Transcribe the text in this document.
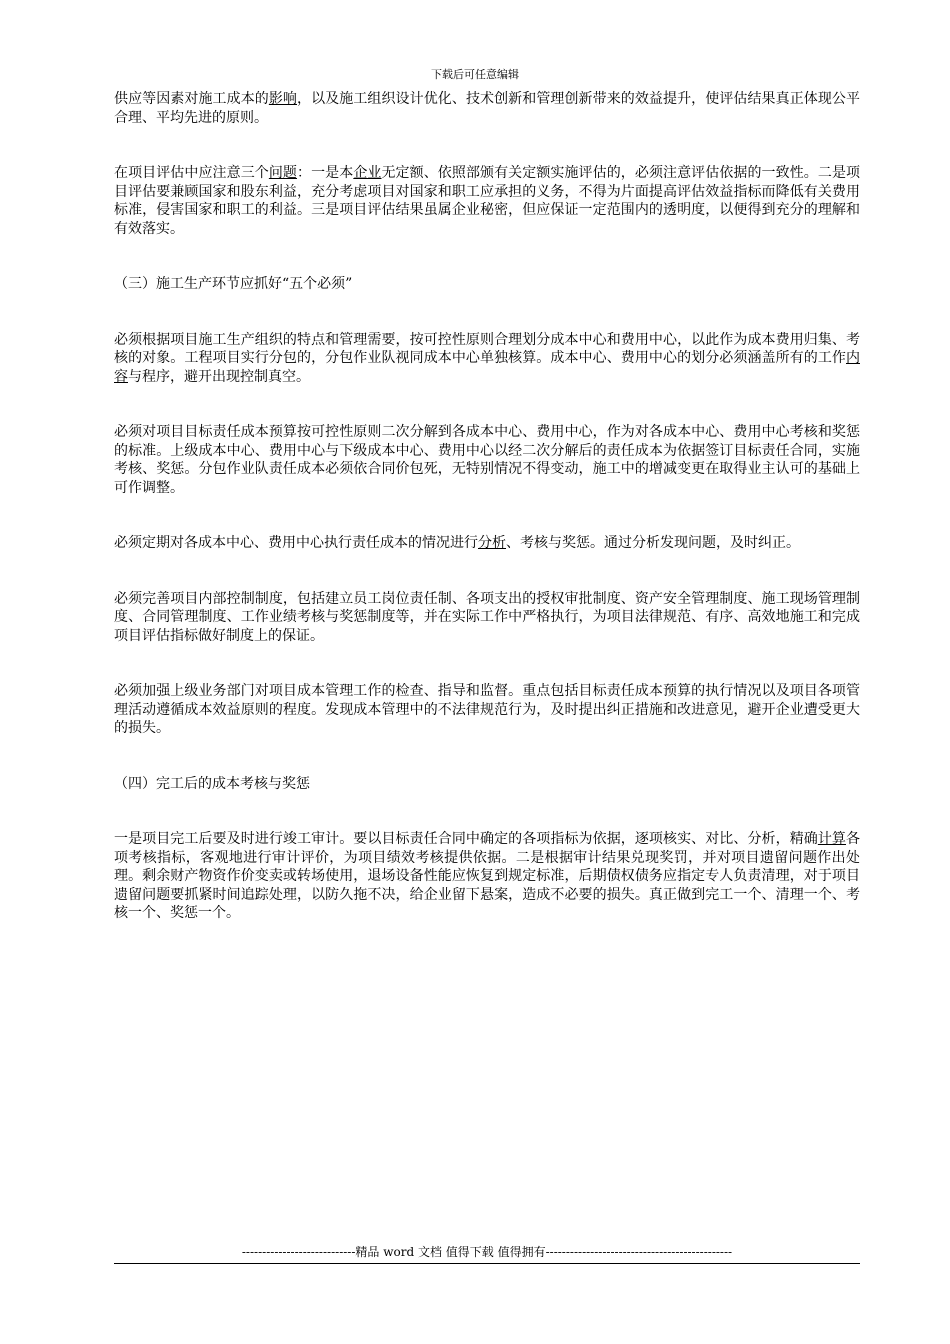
下载后可任意编辑

供应等因素对施工成本的影响，以及施工组织设计优化、技术创新和管理创新带来的效益提升，使评估结果真正体现公平合理、平均先进的原则。

在项目评估中应注意三个问题：一是本企业无定额、依照部颁有关定额实施评估的，必须注意评估依据的一致性。二是项目评估要兼顾国家和股东利益，充分考虑项目对国家和职工应承担的义务，不得为片面提高评估效益指标而降低有关费用标准，侵害国家和职工的利益。三是项目评估结果虽属企业秘密，但应保证一定范围内的透明度，以便得到充分的理解和有效落实。

（三）施工生产环节应抓好“五个必须”

必须根据项目施工生产组织的特点和管理需要，按可控性原则合理划分成本中心和费用中心，以此作为成本费用归集、考核的对象。工程项目实行分包的，分包作业队视同成本中心单独核算。成本中心、费用中心的划分必须涵盖所有的工作内容与程序，避开出现控制真空。

必须对项目目标责任成本预算按可控性原则二次分解到各成本中心、费用中心，作为对各成本中心、费用中心考核和奖惩的标准。上级成本中心、费用中心与下级成本中心、费用中心以经二次分解后的责任成本为依据签订目标责任合同，实施考核、奖惩。分包作业队责任成本必须依合同价包死，无特别情况不得变动，施工中的增减变更在取得业主认可的基础上可作调整。

必须定期对各成本中心、费用中心执行责任成本的情况进行分析、考核与奖惩。通过分析发现问题，及时纠正。

必须完善项目内部控制制度，包括建立员工岗位责任制、各项支出的授权审批制度、资产安全管理制度、施工现场管理制度、合同管理制度、工作业绩考核与奖惩制度等，并在实际工作中严格执行，为项目法律规范、有序、高效地施工和完成项目评估指标做好制度上的保证。

必须加强上级业务部门对项目成本管理工作的检查、指导和监督。重点包括目标责任成本预算的执行情况以及项目各项管理活动遵循成本效益原则的程度。发现成本管理中的不法律规范行为，及时提出纠正措施和改进意见，避开企业遭受更大的损失。

（四）完工后的成本考核与奖惩

一是项目完工后要及时进行竣工审计。要以目标责任合同中确定的各项指标为依据，逐项核实、对比、分析，精确计算各项考核指标，客观地进行审计评价，为项目绩效考核提供依据。二是根据审计结果兑现奖罚，并对项目遗留问题作出处理。剩余财产物资作价变卖或转场使用，退场设备性能应恢复到规定标准，后期债权债务应指定专人负责清理，对于项目遗留问题要抓紧时间追踪处理，以防久拖不决，给企业留下悬案，造成不必要的损失。真正做到完工一个、清理一个、考核一个、奖惩一个。

----------------------------精品 word 文档 值得下载 值得拥有----------------------------------------------
